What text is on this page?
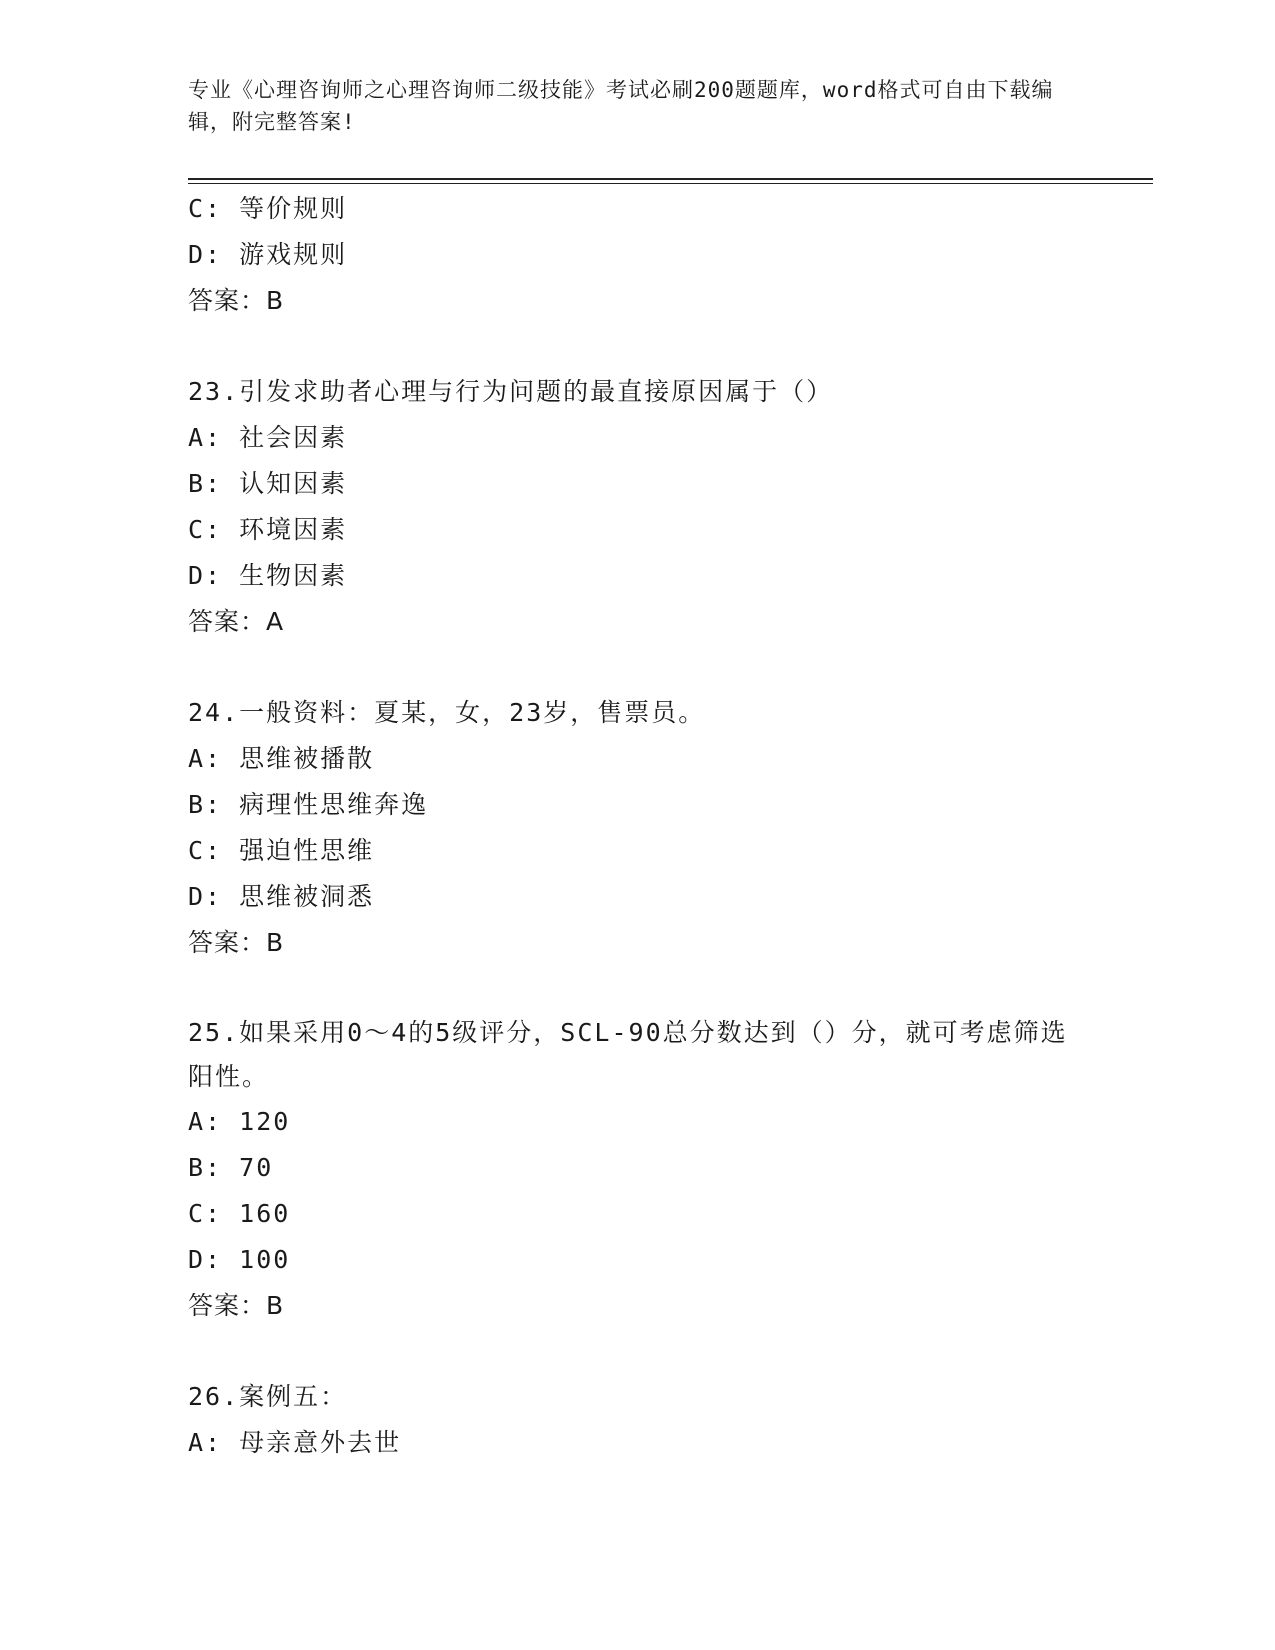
专业《心理咨询师之心理咨询师二级技能》考试必刷200题题库，word格式可自由下载编辑，附完整答案!
C: 等价规则
D: 游戏规则
答案：B
23.引发求助者心理与行为问题的最直接原因属于（）
A: 社会因素
B: 认知因素
C: 环境因素
D: 生物因素
答案：A
24.一般资料：夏某，女，23岁，售票员。
A: 思维被播散
B: 病理性思维奔逸
C: 强迫性思维
D: 思维被洞悉
答案：B
25.如果采用0～4的5级评分，SCL-90总分数达到（）分，就可考虑筛选阳性。
A: 120
B: 70
C: 160
D: 100
答案：B
26.案例五：
A: 母亲意外去世
